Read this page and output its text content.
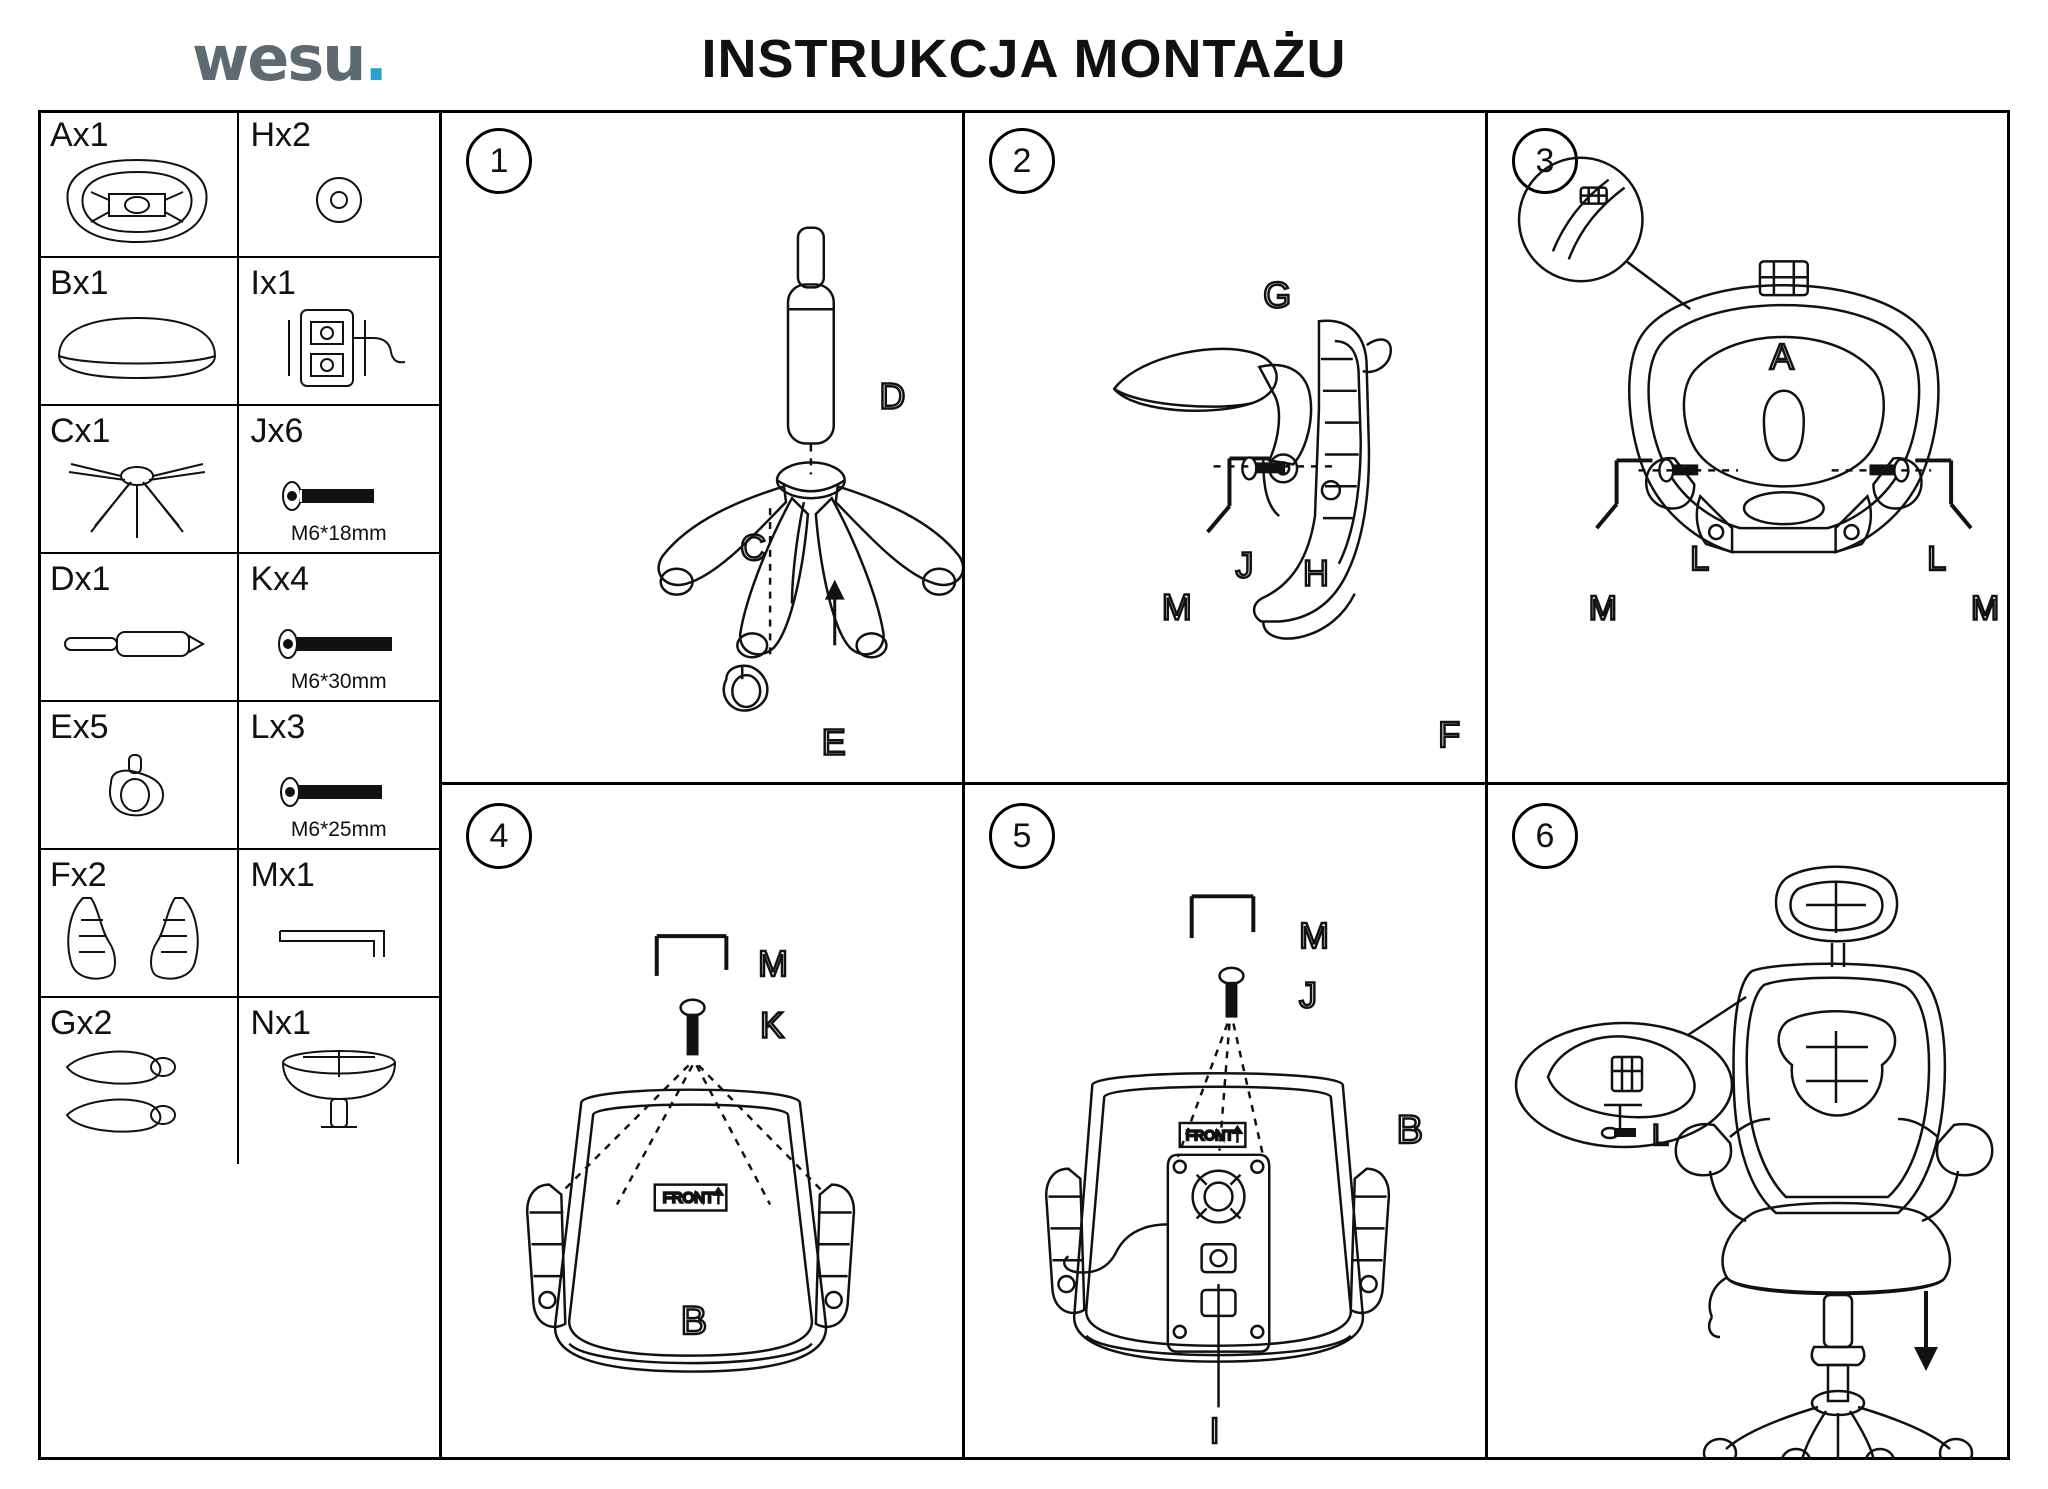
wesu.	INSTRUKCJA MONTAŻU
Ax1	Hx2
Bx1	Ix1
Cx1	Jx6
M6*18mm
Dx1	Kx4
M6*30mm
Ex5	Lx3
M6*25mm
Fx2	Mx1
Gx2	Nx1
1
D
C
E
2
G
M
J H
F
3
A
L
M
L
M
4
FRONT
M
K
B
5
FRONT
M
J
B
I
6
L
